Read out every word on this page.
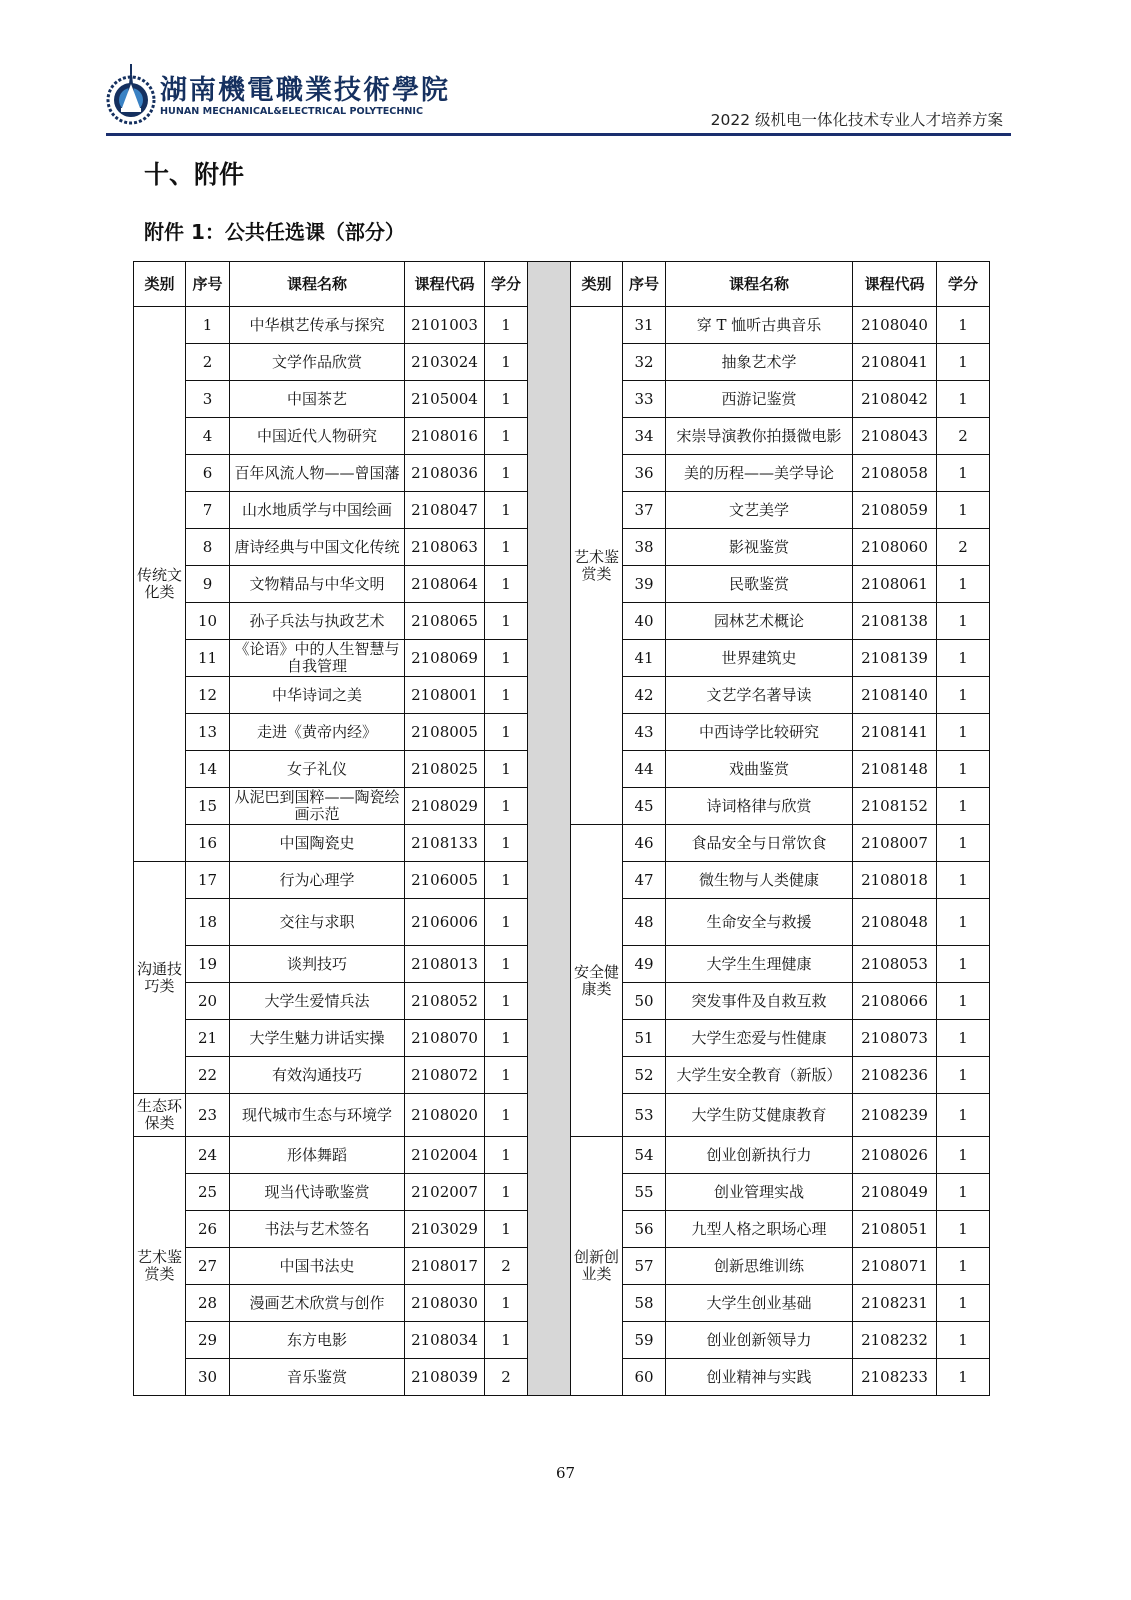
湖南機電職業技術學院
HUNAN MECHANICAL&ELECTRICAL POLYTECHNIC	2022 级机电一体化技术专业人才培养方案
十、附件
附件 1：公共任选课（部分）
类别	序号	课程名称	课程代码	学分		类别	序号	课程名称	课程代码	学分
传统文化类	1	中华棋艺传承与探究	2101003	1		艺术鉴赏类	31	穿 T 恤听古典音乐	2108040	1
	2	文学作品欣赏	2103024	1			32	抽象艺术学	2108041	1
	3	中国茶艺	2105004	1			33	西游记鉴赏	2108042	1
	4	中国近代人物研究	2108016	1			34	宋崇导演教你拍摄微电影	2108043	2
	6	百年风流人物——曾国藩	2108036	1			36	美的历程——美学导论	2108058	1
	7	山水地质学与中国绘画	2108047	1			37	文艺美学	2108059	1
	8	唐诗经典与中国文化传统	2108063	1			38	影视鉴赏	2108060	2
	9	文物精品与中华文明	2108064	1			39	民歌鉴赏	2108061	1
	10	孙子兵法与执政艺术	2108065	1			40	园林艺术概论	2108138	1
	11	《论语》中的人生智慧与自我管理	2108069	1			41	世界建筑史	2108139	1
	12	中华诗词之美	2108001	1			42	文艺学名著导读	2108140	1
	13	走进《黄帝内经》	2108005	1			43	中西诗学比较研究	2108141	1
	14	女子礼仪	2108025	1			44	戏曲鉴赏	2108148	1
	15	从泥巴到国粹——陶瓷绘画示范	2108029	1			45	诗词格律与欣赏	2108152	1
	16	中国陶瓷史	2108133	1		安全健康类	46	食品安全与日常饮食	2108007	1
沟通技巧类	17	行为心理学	2106005	1			47	微生物与人类健康	2108018	1
	18	交往与求职	2106006	1			48	生命安全与救援	2108048	1
	19	谈判技巧	2108013	1			49	大学生生理健康	2108053	1
	20	大学生爱情兵法	2108052	1			50	突发事件及自救互救	2108066	1
	21	大学生魅力讲话实操	2108070	1			51	大学生恋爱与性健康	2108073	1
	22	有效沟通技巧	2108072	1			52	大学生安全教育（新版）	2108236	1
生态环保类	23	现代城市生态与环境学	2108020	1			53	大学生防艾健康教育	2108239	1
艺术鉴赏类	24	形体舞蹈	2102004	1		创新创业类	54	创业创新执行力	2108026	1
	25	现当代诗歌鉴赏	2102007	1			55	创业管理实战	2108049	1
	26	书法与艺术签名	2103029	1			56	九型人格之职场心理	2108051	1
	27	中国书法史	2108017	2			57	创新思维训练	2108071	1
	28	漫画艺术欣赏与创作	2108030	1			58	大学生创业基础	2108231	1
	29	东方电影	2108034	1			59	创业创新领导力	2108232	1
	30	音乐鉴赏	2108039	2			60	创业精神与实践	2108233	1
67
